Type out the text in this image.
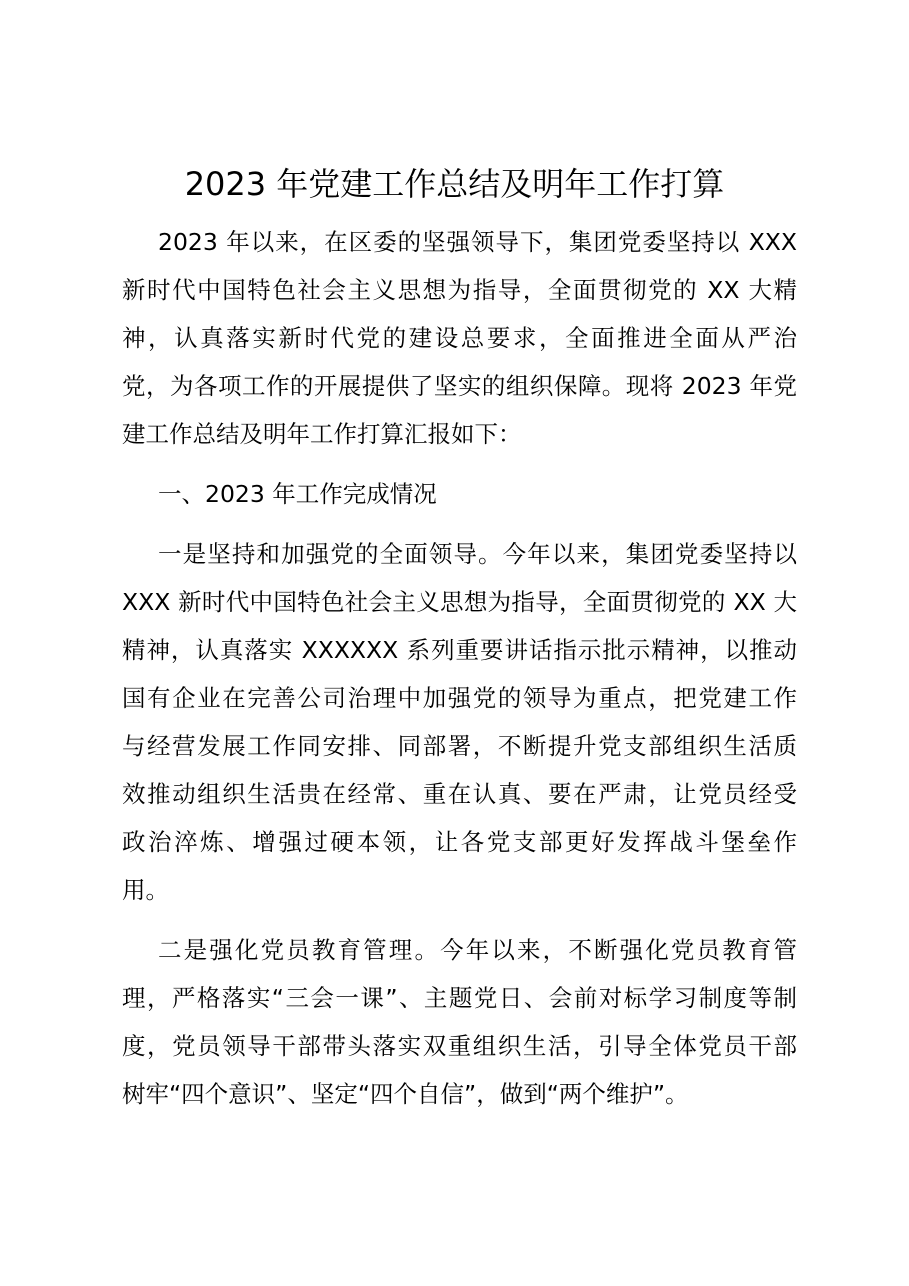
2023 年党建工作总结及明年工作打算

2023 年以来，在区委的坚强领导下，集团党委坚持以 XXX
新时代中国特色社会主义思想为指导，全面贯彻党的 XX 大精
神，认真落实新时代党的建设总要求，全面推进全面从严治
党，为各项工作的开展提供了坚实的组织保障。现将 2023 年党
建工作总结及明年工作打算汇报如下：

一、2023 年工作完成情况

一是坚持和加强党的全面领导。今年以来，集团党委坚持以
XXX 新时代中国特色社会主义思想为指导，全面贯彻党的 XX 大
精神，认真落实 XXXXXX 系列重要讲话指示批示精神，以推动
国有企业在完善公司治理中加强党的领导为重点，把党建工作
与经营发展工作同安排、同部署，不断提升党支部组织生活质
效推动组织生活贵在经常、重在认真、要在严肃，让党员经受
政治淬炼、增强过硬本领，让各党支部更好发挥战斗堡垒作
用。

二是强化党员教育管理。今年以来，不断强化党员教育管
理，严格落实“三会一课”、主题党日、会前对标学习制度等制
度，党员领导干部带头落实双重组织生活，引导全体党员干部
树牢“四个意识”、坚定“四个自信”，做到“两个维护”。
